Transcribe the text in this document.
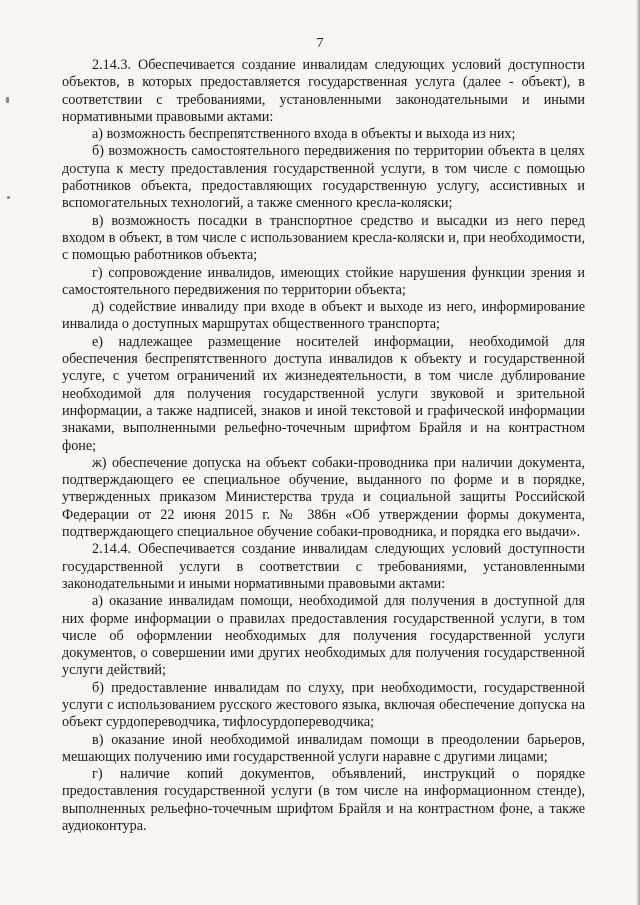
7

2.14.3. Обеспечивается создание инвалидам следующих условий доступности объектов, в которых предоставляется государственная услуга (далее - объект), в соответствии с требованиями, установленными законодательными и иными нормативными правовыми актами:

а) возможность беспрепятственного входа в объекты и выхода из них;

б) возможность самостоятельного передвижения по территории объекта в целях доступа к месту предоставления государственной услуги, в том числе с помощью работников объекта, предоставляющих государственную услугу, ассистивных и вспомогательных технологий, а также сменного кресла-коляски;

в) возможность посадки в транспортное средство и высадки из него перед входом в объект, в том числе с использованием кресла-коляски и, при необходимости, с помощью работников объекта;

г) сопровождение инвалидов, имеющих стойкие нарушения функции зрения и самостоятельного передвижения по территории объекта;

д) содействие инвалиду при входе в объект и выходе из него, информирование инвалида о доступных маршрутах общественного транспорта;

е) надлежащее размещение носителей информации, необходимой для обеспечения беспрепятственного доступа инвалидов к объекту и государственной услуге, с учетом ограничений их жизнедеятельности, в том числе дублирование необходимой для получения государственной услуги звуковой и зрительной информации, а также надписей, знаков и иной текстовой и графической информации знаками, выполненными рельефно-точечным шрифтом Брайля и на контрастном фоне;

ж) обеспечение допуска на объект собаки-проводника при наличии документа, подтверждающего ее специальное обучение, выданного по форме и в порядке, утвержденных приказом Министерства труда и социальной защиты Российской Федерации от 22 июня 2015 г. № 386н «Об утверждении формы документа, подтверждающего специальное обучение собаки-проводника, и порядка его выдачи».

2.14.4. Обеспечивается создание инвалидам следующих условий доступности государственной услуги в соответствии с требованиями, установленными законодательными и иными нормативными правовыми актами:

а) оказание инвалидам помощи, необходимой для получения в доступной для них форме информации о правилах предоставления государственной услуги, в том числе об оформлении необходимых для получения государственной услуги документов, о совершении ими других необходимых для получения государственной услуги действий;

б) предоставление инвалидам по слуху, при необходимости, государственной услуги с использованием русского жестового языка, включая обеспечение допуска на объект сурдопереводчика, тифлосурдопереводчика;

в) оказание иной необходимой инвалидам помощи в преодолении барьеров, мешающих получению ими государственной услуги наравне с другими лицами;

г) наличие копий документов, объявлений, инструкций о порядке предоставления государственной услуги (в том числе на информационном стенде), выполненных рельефно-точечным шрифтом Брайля и на контрастном фоне, а также аудиоконтура.
